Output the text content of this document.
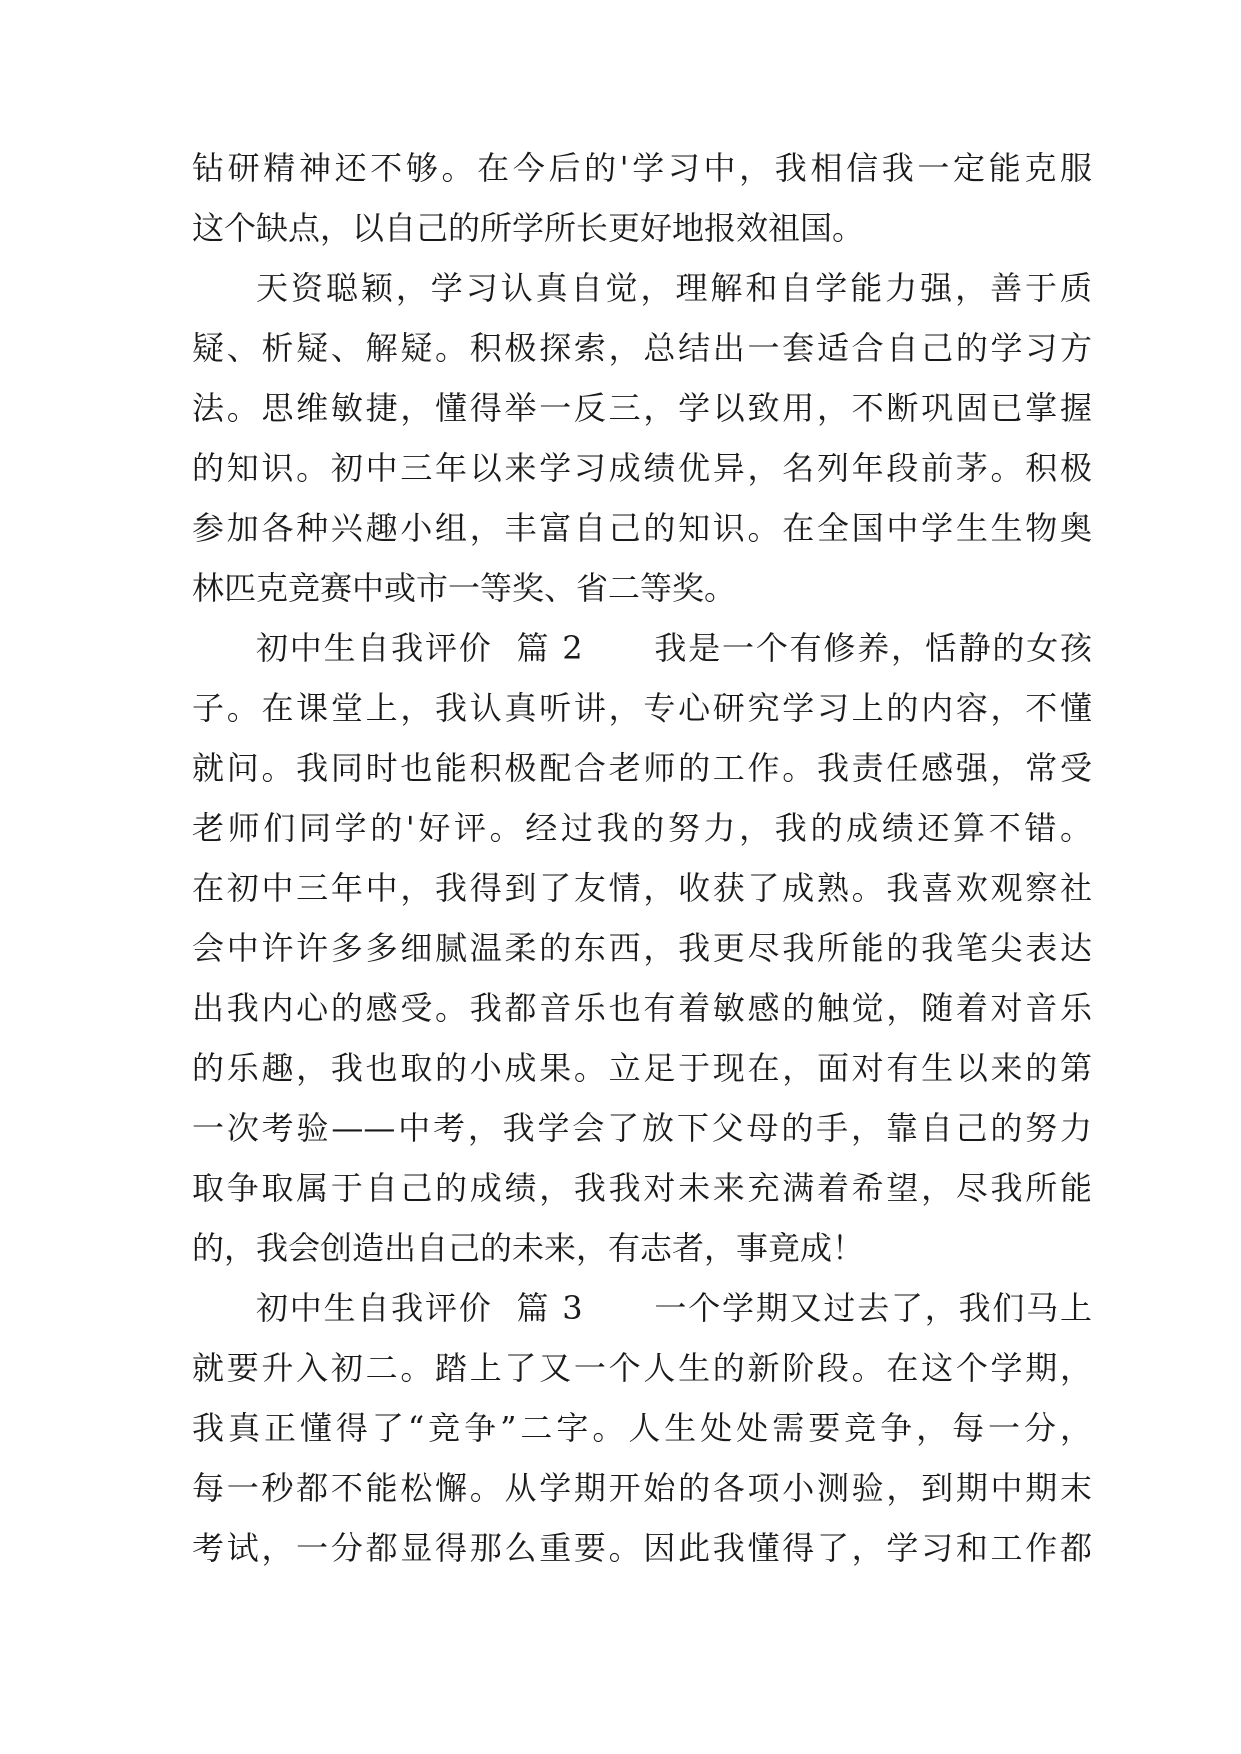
钻研精神还不够。在今后的'学习中，我相信我一定能克服
这个缺点，以自己的所学所长更好地报效祖国。
天资聪颖，学习认真自觉，理解和自学能力强，善于质
疑、析疑、解疑。积极探索，总结出一套适合自己的学习方
法。思维敏捷，懂得举一反三，学以致用，不断巩固已掌握
的知识。初中三年以来学习成绩优异，名列年段前茅。积极
参加各种兴趣小组，丰富自己的知识。在全国中学生生物奥
林匹克竞赛中或市一等奖、省二等奖。
初中生自我评价  篇 2      我是一个有修养，恬静的女孩
子。在课堂上，我认真听讲，专心研究学习上的内容，不懂
就问。我同时也能积极配合老师的工作。我责任感强，常受
老师们同学的'好评。经过我的努力，我的成绩还算不错。
在初中三年中，我得到了友情，收获了成熟。我喜欢观察社
会中许许多多细腻温柔的东西，我更尽我所能的我笔尖表达
出我内心的感受。我都音乐也有着敏感的触觉，随着对音乐
的乐趣，我也取的小成果。立足于现在，面对有生以来的第
一次考验——中考，我学会了放下父母的手，靠自己的努力
取争取属于自己的成绩，我我对未来充满着希望，尽我所能
的，我会创造出自己的未来，有志者，事竟成！
初中生自我评价  篇 3      一个学期又过去了，我们马上
就要升入初二。踏上了又一个人生的新阶段。在这个学期，
我真正懂得了“竞争”二字。人生处处需要竞争，每一分，
每一秒都不能松懈。从学期开始的各项小测验，到期中期末
考试，一分都显得那么重要。因此我懂得了，学习和工作都
